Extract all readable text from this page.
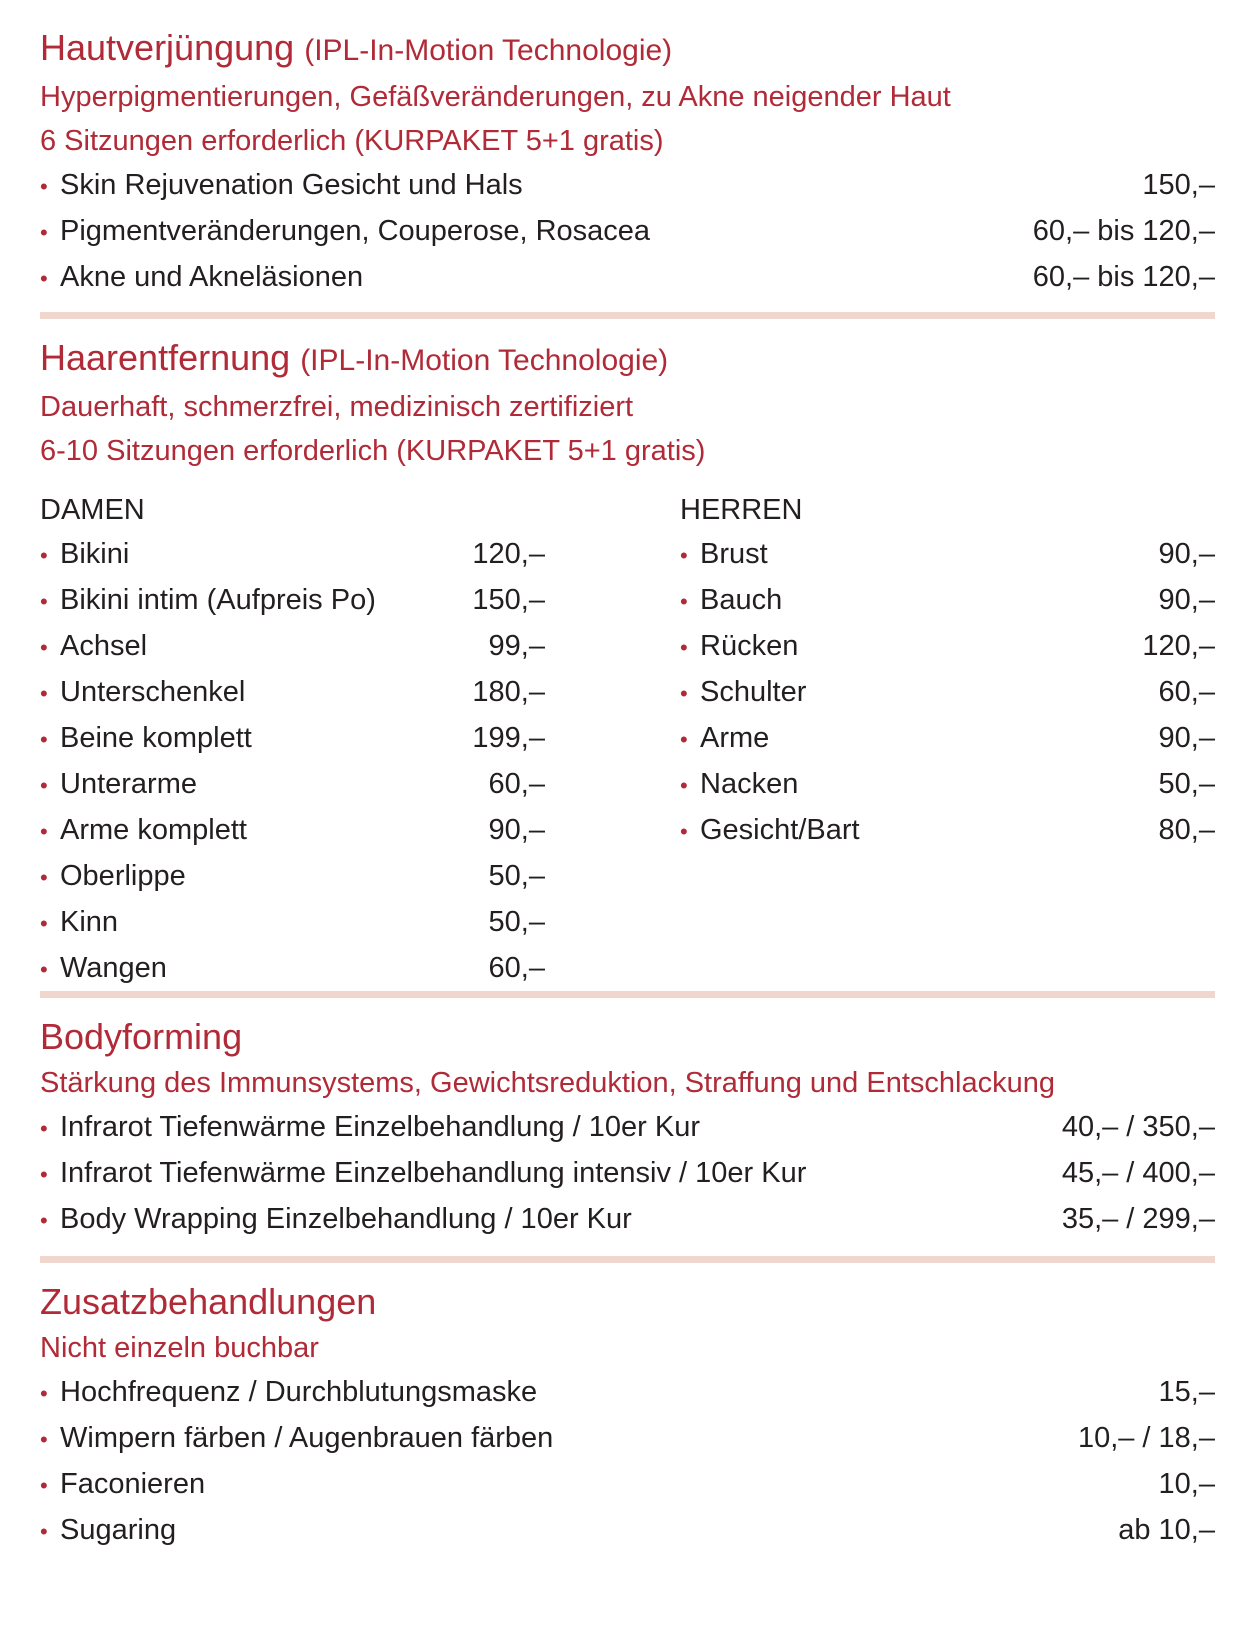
Hautverjüngung (IPL-In-Motion Technologie)
Hyperpigmentierungen, Gefäßveränderungen, zu Akne neigender Haut
6 Sitzungen erforderlich (KURPAKET 5+1 gratis)
• Skin Rejuvenation Gesicht und Hals	150,–
• Pigmentveränderungen, Couperose, Rosacea	60,– bis 120,–
• Akne und Akneläsionen	60,– bis 120,–
Haarentfernung (IPL-In-Motion Technologie)
Dauerhaft, schmerzfrei, medizinisch zertifiziert
6-10 Sitzungen erforderlich (KURPAKET 5+1 gratis)
DAMEN
• Bikini	120,–
• Bikini intim (Aufpreis Po)	150,–
• Achsel	99,–
• Unterschenkel	180,–
• Beine komplett	199,–
• Unterarme	60,–
• Arme komplett	90,–
• Oberlippe	50,–
• Kinn	50,–
• Wangen	60,–
HERREN
• Brust	90,–
• Bauch	90,–
• Rücken	120,–
• Schulter	60,–
• Arme	90,–
• Nacken	50,–
• Gesicht/Bart	80,–
Bodyforming
Stärkung des Immunsystems, Gewichtsreduktion, Straffung und Entschlackung
• Infrarot Tiefenwärme Einzelbehandlung / 10er Kur	40,– / 350,–
• Infrarot Tiefenwärme Einzelbehandlung intensiv / 10er Kur	45,– / 400,–
• Body Wrapping Einzelbehandlung / 10er Kur	35,– / 299,–
Zusatzbehandlungen
Nicht einzeln buchbar
• Hochfrequenz / Durchblutungsmaske	15,–
• Wimpern färben / Augenbrauen färben	10,– / 18,–
• Faconieren	10,–
• Sugaring	ab 10,–
